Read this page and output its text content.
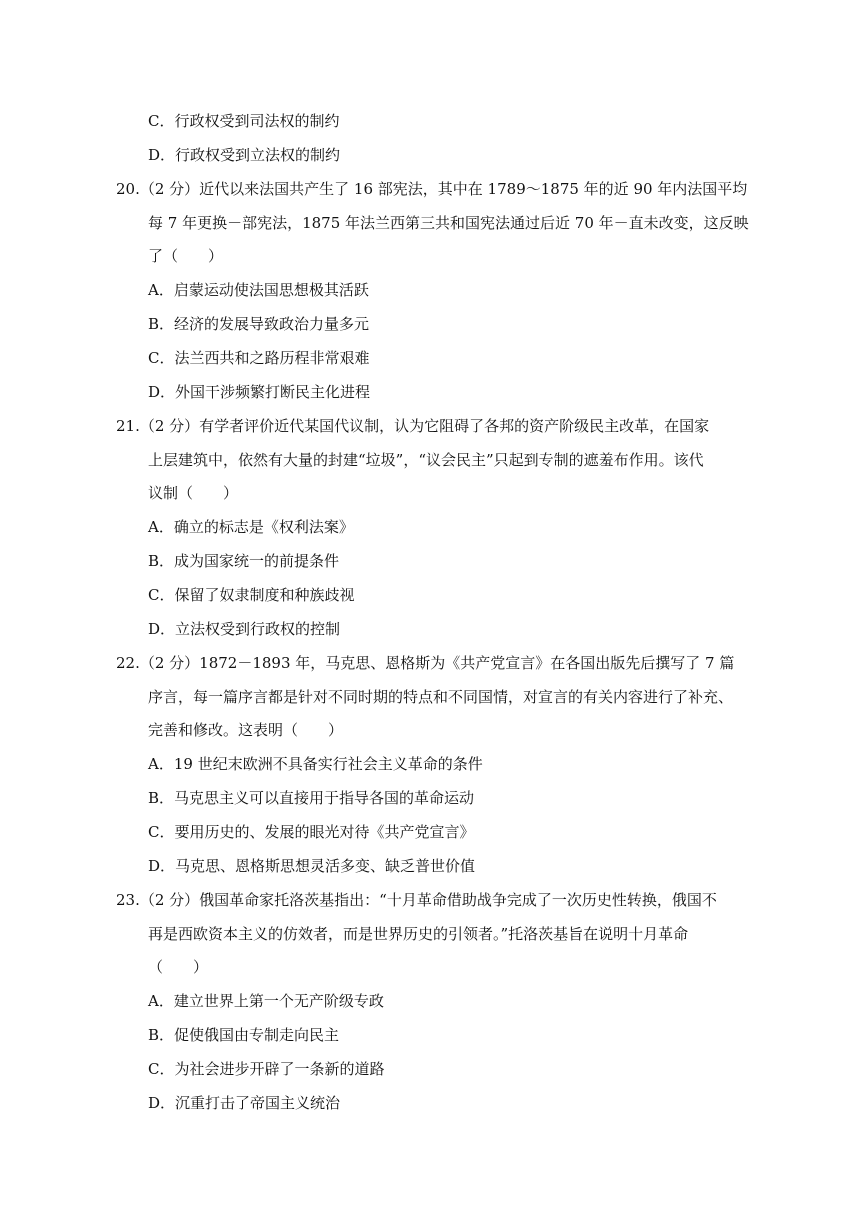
C．行政权受到司法权的制约
D．行政权受到立法权的制约
20.（2 分）近代以来法国共产生了 16 部宪法，其中在 1789～1875 年的近 90 年内法国平均
每 7 年更换－部宪法，1875 年法兰西第三共和国宪法通过后近 70 年－直未改变，这反映
了（　　）
A．启蒙运动使法国思想极其活跃
B．经济的发展导致政治力量多元
C．法兰西共和之路历程非常艰难
D．外国干涉频繁打断民主化进程
21.（2 分）有学者评价近代某国代议制，认为它阻碍了各邦的资产阶级民主改革，在国家
上层建筑中，依然有大量的封建“垃圾”，“议会民主”只起到专制的遮羞布作用。该代
议制（　　）
A．确立的标志是《权利法案》
B．成为国家统一的前提条件
C．保留了奴隶制度和种族歧视
D．立法权受到行政权的控制
22.（2 分）1872－1893 年，马克思、恩格斯为《共产党宣言》在各国出版先后撰写了 7 篇
序言，每一篇序言都是针对不同时期的特点和不同国情，对宣言的有关内容进行了补充、
完善和修改。这表明（　　）
A．19 世纪末欧洲不具备实行社会主义革命的条件
B．马克思主义可以直接用于指导各国的革命运动
C．要用历史的、发展的眼光对待《共产党宣言》
D．马克思、恩格斯思想灵活多变、缺乏普世价值
23.（2 分）俄国革命家托洛茨基指出：“十月革命借助战争完成了一次历史性转换，俄国不
再是西欧资本主义的仿效者，而是世界历史的引领者。”托洛茨基旨在说明十月革命
（　　）
A．建立世界上第一个无产阶级专政
B．促使俄国由专制走向民主
C．为社会进步开辟了一条新的道路
D．沉重打击了帝国主义统治
